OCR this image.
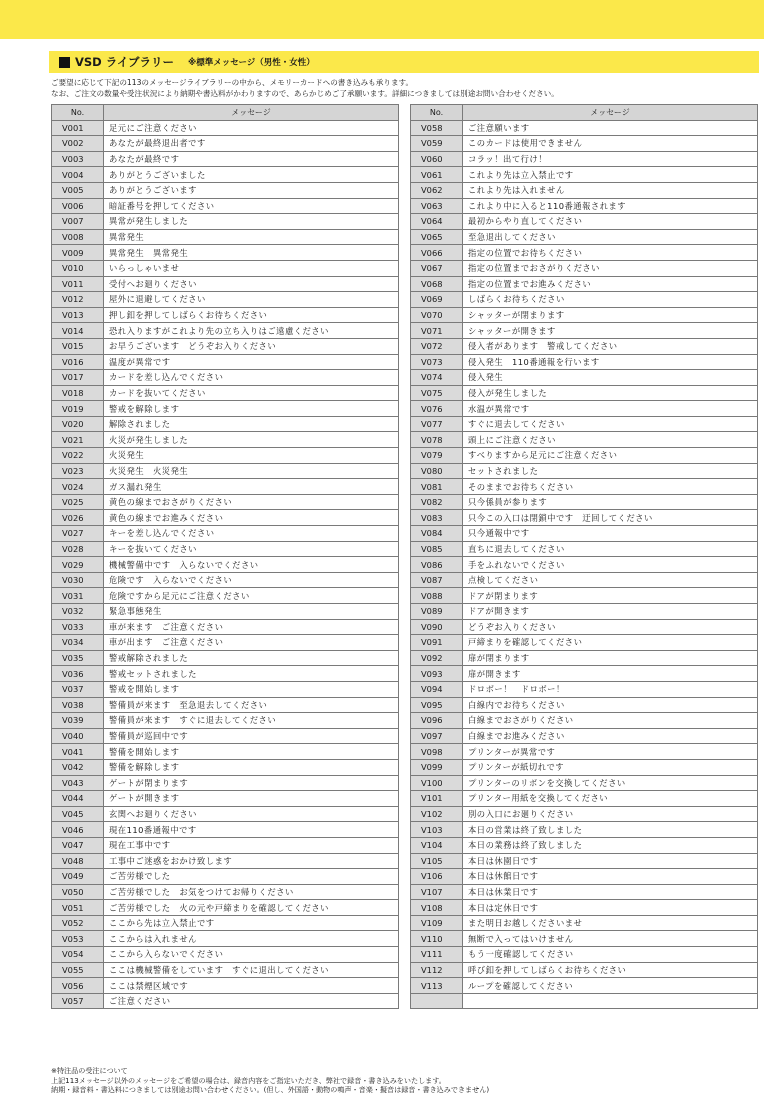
VSD ライブラリー ※標準メッセージ（男性・女性）
ご要望に応じて下記の113のメッセージライブラリーの中から、メモリーカードへの書き込みも承ります。
なお、ご注文の数量や受注状況により納期や書込料がかわりますので、あらかじめご了承願います。詳細につきましては別途お問い合わせください。
No.	メッセージ
V001	足元にご注意ください
V002	あなたが最終退出者です
V003	あなたが最終です
V004	ありがとうございました
V005	ありがとうございます
V006	暗証番号を押してください
V007	異常が発生しました
V008	異常発生
V009	異常発生　異常発生
V010	いらっしゃいませ
V011	受付へお廻りください
V012	屋外に退避してください
V013	押し釦を押してしばらくお待ちください
V014	恐れ入りますがこれより先の立ち入りはご遠慮ください
V015	お早うございます　どうぞお入りください
V016	温度が異常です
V017	カードを差し込んでください
V018	カードを抜いてください
V019	警戒を解除します
V020	解除されました
V021	火災が発生しました
V022	火災発生
V023	火災発生　火災発生
V024	ガス漏れ発生
V025	黄色の線までおさがりください
V026	黄色の線までお進みください
V027	キーを差し込んでください
V028	キーを抜いてください
V029	機械警備中です　入らないでください
V030	危険です　入らないでください
V031	危険ですから足元にご注意ください
V032	緊急事態発生
V033	車が来ます　ご注意ください
V034	車が出ます　ご注意ください
V035	警戒解除されました
V036	警戒セットされました
V037	警戒を開始します
V038	警備員が来ます　至急退去してください
V039	警備員が来ます　すぐに退去してください
V040	警備員が巡回中です
V041	警備を開始します
V042	警備を解除します
V043	ゲートが閉まります
V044	ゲートが開きます
V045	玄関へお廻りください
V046	現在110番通報中です
V047	現在工事中です
V048	工事中ご迷惑をおかけ致します
V049	ご苦労様でした
V050	ご苦労様でした　お気をつけてお帰りください
V051	ご苦労様でした　火の元や戸締まりを確認してください
V052	ここから先は立入禁止です
V053	ここからは入れません
V054	ここから入らないでください
V055	ここは機械警備をしています　すぐに退出してください
V056	ここは禁煙区域です
V057	ご注意ください
No.	メッセージ
V058	ご注意願います
V059	このカードは使用できません
V060	コラッ！出て行け！
V061	これより先は立入禁止です
V062	これより先は入れません
V063	これより中に入ると110番通報されます
V064	最初からやり直してください
V065	至急退出してください
V066	指定の位置でお待ちください
V067	指定の位置までおさがりください
V068	指定の位置までお進みください
V069	しばらくお待ちください
V070	シャッターが閉まります
V071	シャッターが開きます
V072	侵入者があります　警戒してください
V073	侵入発生　110番通報を行います
V074	侵入発生
V075	侵入が発生しました
V076	水温が異常です
V077	すぐに退去してください
V078	頭上にご注意ください
V079	すべりますから足元にご注意ください
V080	セットされました
V081	そのままでお待ちください
V082	只今係員が参ります
V083	只今この入口は閉鎖中です　迂回してください
V084	只今通報中です
V085	直ちに退去してください
V086	手をふれないでください
V087	点検してください
V088	ドアが閉まります
V089	ドアが開きます
V090	どうぞお入りください
V091	戸締まりを確認してください
V092	扉が閉まります
V093	扉が開きます
V094	ドロボー！　ドロボー！
V095	白線内でお待ちください
V096	白線までおさがりください
V097	白線までお進みください
V098	プリンターが異常です
V099	プリンターが紙切れです
V100	プリンターのリボンを交換してください
V101	プリンター用紙を交換してください
V102	別の入口にお廻りください
V103	本日の営業は終了致しました
V104	本日の業務は終了致しました
V105	本日は休園日です
V106	本日は休館日です
V107	本日は休業日です
V108	本日は定休日です
V109	また明日お越しくださいませ
V110	無断で入ってはいけません
V111	もう一度確認してください
V112	呼び釦を押してしばらくお待ちください
V113	ループを確認してください

※特注品の受注について
上記113メッセージ以外のメッセージをご希望の場合は、録音内容をご指定いただき、弊社で録音・書き込みをいたします。
納期・録音料・書込料につきましては別途お問い合わせください。(但し、外国語・動物の鳴声・音楽・擬音は録音・書き込みできません)
